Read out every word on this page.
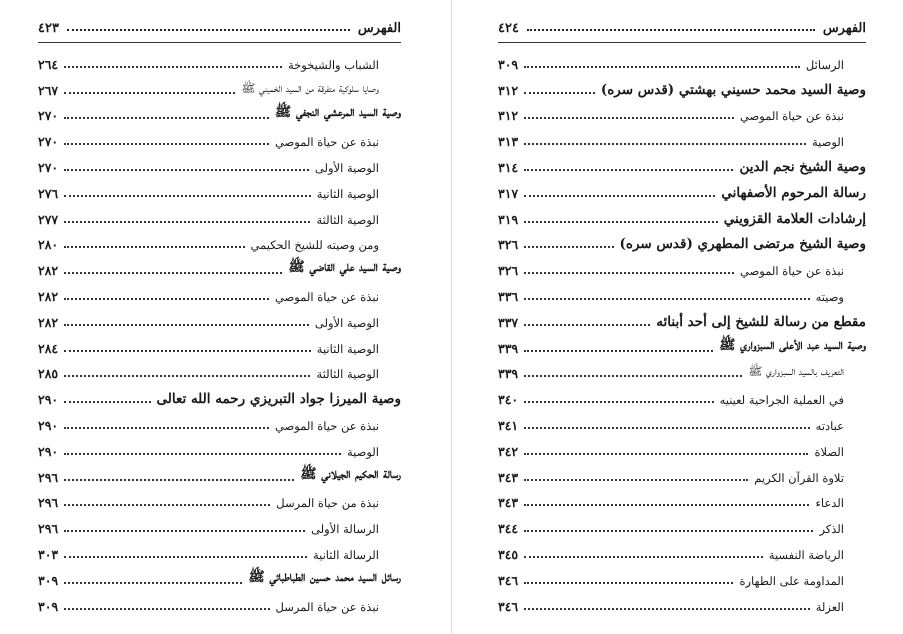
الفهرس
٤٢٣
الشباب والشيخوخة
٢٦٤
وصايا سلوكية متفرقة من السيد الخميني ﷺ
٢٦٧
وصية السيد المرعشي النجفي ﷺ
٢٧٠
نبذة عن حياة الموصي
٢٧٠
الوصية الأولى
٢٧٠
الوصية الثانية
٢٧٦
الوصية الثالثة
٢٧٧
ومن وصيته للشيخ الحكيمي
٢٨٠
وصية السيد علي القاضي ﷺ
٢٨٢
نبذة عن حياة الموصي
٢٨٢
الوصية الأولى
٢٨٢
الوصية الثانية
٢٨٤
الوصية الثالثة
٢٨٥
وصية الميرزا جواد التبريزي رحمه الله تعالى
٢٩٠
نبذة عن حياة الموصي
٢٩٠
الوصية
٢٩٠
رسالة الحكيم الجيلاني ﷺ
٢٩٦
نبذة من حياة المرسل
٢٩٦
الرسالة الأولى
٢٩٦
الرسالة الثانية
٣٠٣
رسائل السيد محمد حسين الطباطبائي ﷺ
٣٠٩
نبذة عن حياة المرسل
٣٠٩
الفهرس
٤٢٤
الرسائل
٣٠٩
وصية السيد محمد حسيني بهشتي (قدس سره)
٣١٢
نبذة عن حياة الموصي
٣١٢
الوصية
٣١٣
وصية الشيخ نجم الدين
٣١٤
رسالة المرحوم الأصفهاني
٣١٧
إرشادات العلامة القزويني
٣١٩
وصية الشيخ مرتضى المطهري (قدس سره)
٣٢٦
نبذة عن حياة الموصي
٣٢٦
وصيته
٣٣٦
مقطع من رسالة للشيخ إلى أحد أبنائه
٣٣٧
وصية السيد عبد الأعلى السبزواري ﷺ
٣٣٩
التعريف بالسيد السبزواري ﷺ
٣٣٩
في العملية الجراحية لعينيه
٣٤٠
عبادته
٣٤١
الصلاة
٣٤٢
تلاوة القرآن الكريم
٣٤٣
الدعاء
٣٤٣
الذكر
٣٤٤
الرياضة النفسية
٣٤٥
المداومة على الطهارة
٣٤٦
العزلة
٣٤٦
